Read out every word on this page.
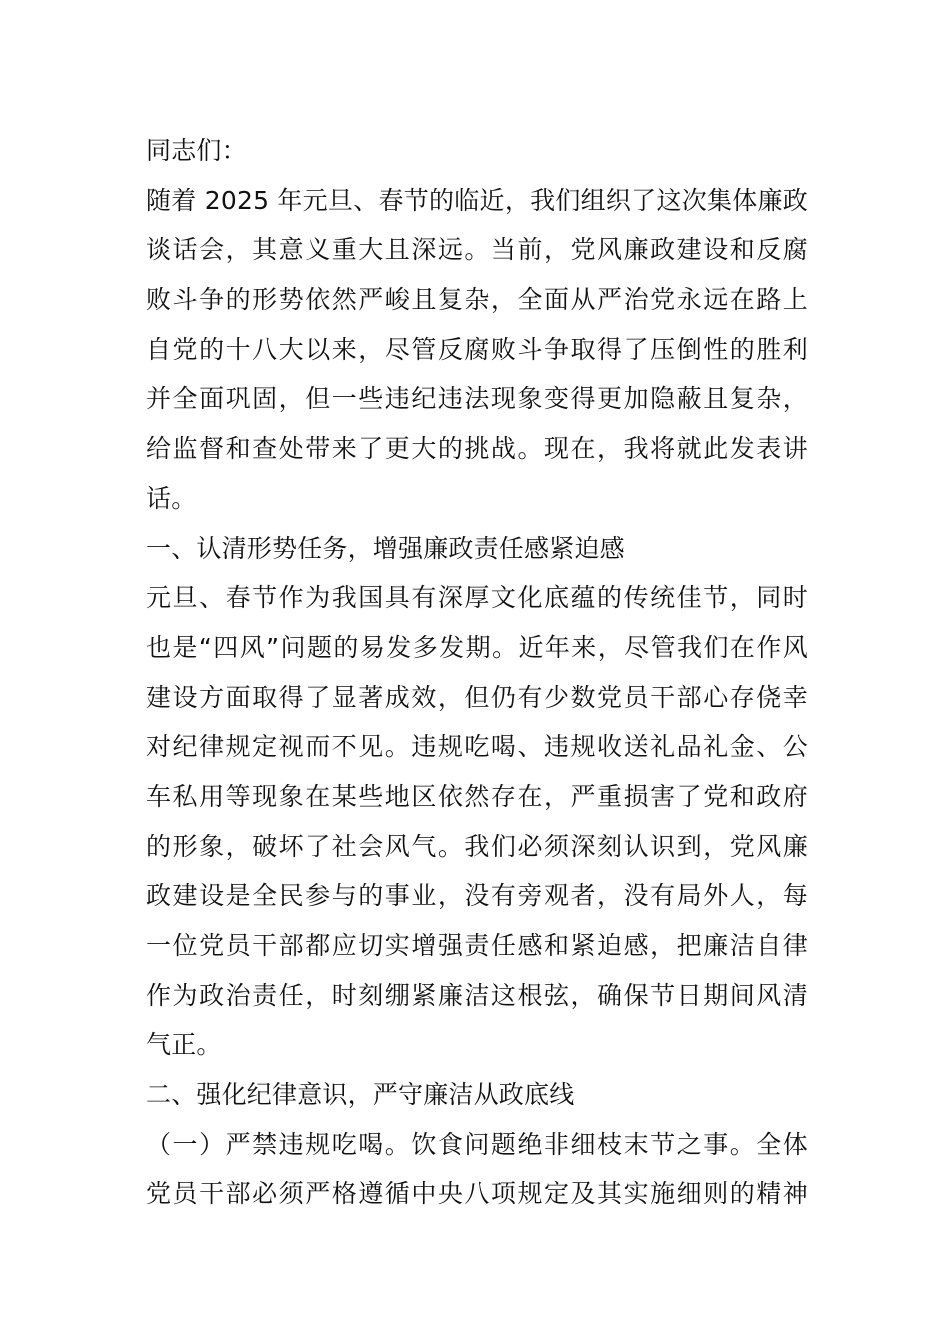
同志们：
随着 2025 年元旦、春节的临近，我们组织了这次集体廉政
谈话会，其意义重大且深远。当前，党风廉政建设和反腐
败斗争的形势依然严峻且复杂，全面从严治党永远在路上
自党的十八大以来，尽管反腐败斗争取得了压倒性的胜利
并全面巩固，但一些违纪违法现象变得更加隐蔽且复杂，
给监督和查处带来了更大的挑战。现在，我将就此发表讲
话。
一、认清形势任务，增强廉政责任感紧迫感
元旦、春节作为我国具有深厚文化底蕴的传统佳节，同时
也是“四风”问题的易发多发期。近年来，尽管我们在作风
建设方面取得了显著成效，但仍有少数党员干部心存侥幸
对纪律规定视而不见。违规吃喝、违规收送礼品礼金、公
车私用等现象在某些地区依然存在，严重损害了党和政府
的形象，破坏了社会风气。我们必须深刻认识到，党风廉
政建设是全民参与的事业，没有旁观者，没有局外人，每
一位党员干部都应切实增强责任感和紧迫感，把廉洁自律
作为政治责任，时刻绷紧廉洁这根弦，确保节日期间风清
气正。
二、强化纪律意识，严守廉洁从政底线
（一）严禁违规吃喝。饮食问题绝非细枝末节之事。全体
党员干部必须严格遵循中央八项规定及其实施细则的精神
